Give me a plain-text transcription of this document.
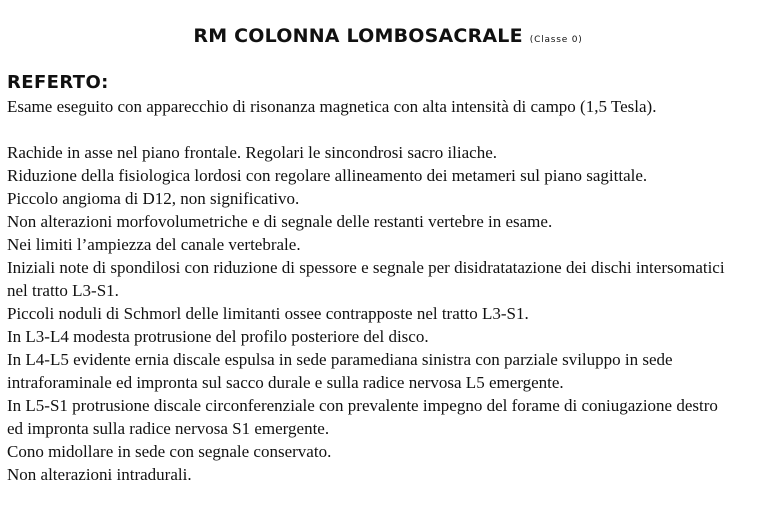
RM COLONNA LOMBOSACRALE (Classe 0)
REFERTO:
Esame eseguito con apparecchio di risonanza magnetica con alta intensità di campo (1,5 Tesla).
Rachide in asse nel piano frontale. Regolari le sincondrosi sacro iliache.
Riduzione della fisiologica lordosi con regolare allineamento dei metameri sul piano sagittale.
Piccolo angioma di D12, non significativo.
Non alterazioni morfovolumetriche e di segnale delle restanti vertebre in esame.
Nei limiti l’ampiezza del canale vertebrale.
Iniziali note di spondilosi con riduzione di spessore e segnale per disidratatazione dei dischi intersomatici
nel tratto L3-S1.
Piccoli noduli di Schmorl delle limitanti ossee contrapposte nel tratto L3-S1.
In L3-L4 modesta protrusione del profilo posteriore del disco.
In L4-L5 evidente ernia discale espulsa in sede paramediana sinistra con parziale sviluppo in sede
intraforaminale ed impronta sul sacco durale e sulla radice nervosa L5 emergente.
In L5-S1 protrusione discale circonferenziale con prevalente impegno del forame di coniugazione destro
ed impronta sulla radice nervosa S1 emergente.
Cono midollare in sede con segnale conservato.
Non alterazioni intradurali.
